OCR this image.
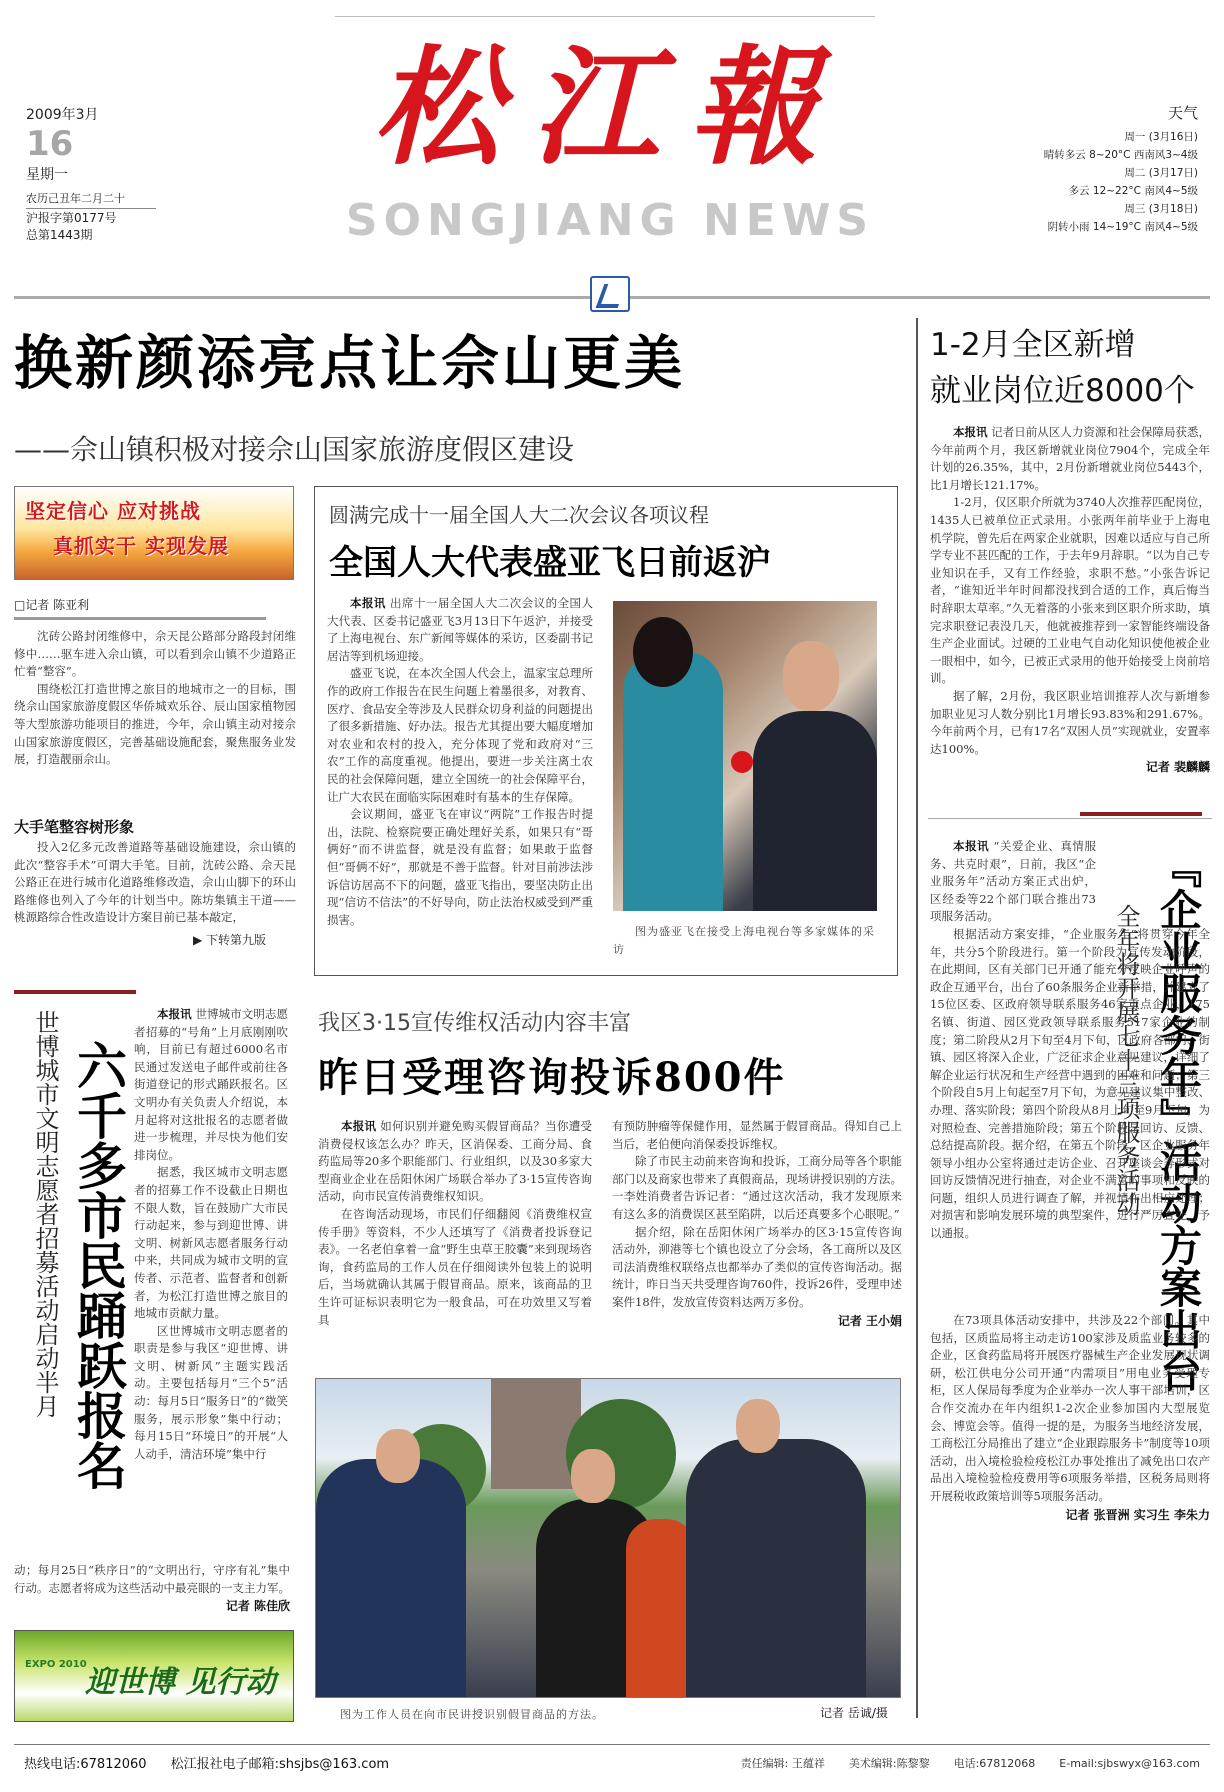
松江報
SONGJIANG NEWS
2009年3月
16
星期一
农历己丑年二月二十
沪报字第0177号
总第1443期
天气
周一 (3月16日)
晴转多云 8~20°C 西南风3~4级
周二 (3月17日)
多云 12~22°C 南风4~5级
周三 (3月18日)
阴转小雨 14~19°C 南风4~5级
换新颜添亮点让佘山更美
——佘山镇积极对接佘山国家旅游度假区建设
坚定信心 应对挑战
真抓实干 实现发展
□记者 陈亚利

沈砖公路封闭维修中，佘天昆公路部分路段封闭维修中……驱车进入佘山镇，可以看到佘山镇不少道路正忙着“整容”。

围绕松江打造世博之旅目的地城市之一的目标，围绕佘山国家旅游度假区华侨城欢乐谷、辰山国家植物园等大型旅游功能项目的推进，今年，佘山镇主动对接佘山国家旅游度假区，完善基础设施配套，聚焦服务业发展，打造靓丽佘山。

大手笔整容树形象

投入2亿多元改善道路等基础设施建设，佘山镇的此次“整容手术”可谓大手笔。目前，沈砖公路、佘天昆公路正在进行城市化道路维修改造，佘山山脚下的环山路维修也列入了今年的计划当中。陈坊集镇主干道——桃源路综合性改造设计方案目前已基本敲定，

▶ 下转第九版
圆满完成十一届全国人大二次会议各项议程
全国人大代表盛亚飞日前返沪

本报讯 出席十一届全国人大二次会议的全国人大代表、区委书记盛亚飞3月13日下午返沪，并接受了上海电视台、东广新闻等媒体的采访，区委副书记居洁等到机场迎接。

盛亚飞说，在本次全国人代会上，温家宝总理所作的政府工作报告在民生问题上着墨很多，对教育、医疗、食品安全等涉及人民群众切身利益的问题提出了很多新措施、好办法。报告尤其提出要大幅度增加对农业和农村的投入，充分体现了党和政府对“三农”工作的高度重视。他提出，要进一步关注离土农民的社会保障问题，建立全国统一的社会保障平台，让广大农民在面临实际困难时有基本的生存保障。

会议期间，盛亚飞在审议“两院”工作报告时提出，法院、检察院要正确处理好关系，如果只有“哥俩好”而不讲监督，就是没有监督；如果敢于监督但“哥俩不好”，那就是不善于监督。针对目前涉法涉诉信访居高不下的问题，盛亚飞指出，要坚决防止出现“信访不信法”的不好导向，防止法治权威受到严重损害。

图为盛亚飞在接受上海电视台等多家媒体的采访
1-2月全区新增
就业岗位近8000个

本报讯 记者日前从区人力资源和社会保障局获悉，今年前两个月，我区新增就业岗位7904个，完成全年计划的26.35%，其中，2月份新增就业岗位5443个，比1月增长121.17%。

1-2月，仅区职介所就为3740人次推荐匹配岗位，1435人已被单位正式录用。小张两年前毕业于上海电机学院，曾先后在两家企业就职，因难以适应与自己所学专业不甚匹配的工作，于去年9月辞职。“以为自己专业知识在手，又有工作经验，求职不愁。”小张告诉记者，“谁知近半年时间都没找到合适的工作，真后悔当时辞职太草率。”久无着落的小张来到区职介所求助，填完求职登记表没几天，他就被推荐到一家智能终端设备生产企业面试。过硬的工业电气自动化知识使他被企业一眼相中，如今，已被正式录用的他开始接受上岗前培训。

据了解，2月份，我区职业培训推荐人次与新增参加职业见习人数分别比1月增长93.83%和291.67%。今年前两个月，已有17名“双困人员”实现就业，安置率达100%。

记者 裴麟麟
『企业服务年』活动方案出台
全年将开展七十三项服务活动

本报讯 “关爱企业、真情服务、共克时艰”，日前，我区“企业服务年”活动方案正式出炉，区经委等22个部门联合推出73项服务活动。

根据活动方案安排，“企业服务年”将贯穿今年全年，共分5个阶段进行。第一个阶段为宣传发动阶段，在此期间，区有关部门已开通了能充分反映企业呼声的政企互通平台，出台了60条服务企业新举措，并建立了15位区委、区政府领导联系服务46家重点企业，175名镇、街道、园区党政领导联系服务517家企业的制度；第二阶段从2月下旬至4月下旬，区政府各部门、街镇、园区将深入企业，广泛征求企业意见建议，详细了解企业运行状况和生产经营中遇到的困难和问题；第三个阶段自5月上旬起至7月下旬，为意见建议集中整改、办理、落实阶段；第四个阶段从8月上旬至9月下旬，为对照检查、完善措施阶段；第五个阶段是回访、反馈、总结提高阶段。据介绍，在第五个阶段，区企业服务年领导小组办公室将通过走访企业、召开座谈会等形式对回访反馈情况进行抽查，对企业不满意的事项和反映的问题，组织人员进行调查了解，并视情作出相应处理；对损害和影响发展环境的典型案件，进行严厉查处，予以通报。

在73项具体活动安排中，共涉及22个部门。其中包括，区质监局将主动走访100家涉及质监业务较多的企业，区食药监局将开展医疗器械生产企业发展现状调研，松江供电分公司开通“内需项目”用电业务受理专柜，区人保局每季度为企业举办一次人事干部培训，区合作交流办在年内组织1-2次企业参加国内大型展览会、博览会等。值得一提的是，为服务当地经济发展，工商松江分局推出了建立“企业跟踪服务卡”制度等10项活动，出入境检验检疫松江办事处推出了减免出口农产品出入境检验检疫费用等6项服务举措，区税务局则将开展税收政策培训等5项服务活动。

记者 张晋洲 实习生 李朱力
我区3·15宣传维权活动内容丰富
昨日受理咨询投诉800件

本报讯 如何识别并避免购买假冒商品？当你遭受消费侵权该怎么办？昨天，区消保委、工商分局、食药监局等20多个职能部门、行业组织，以及30多家大型商业企业在岳阳休闲广场联合举办了3·15宣传咨询活动，向市民宣传消费维权知识。

在咨询活动现场，市民们仔细翻阅《消费维权宣传手册》等资料，不少人还填写了《消费者投诉登记表》。一名老伯拿着一盒“野生虫草王胶囊”来到现场咨询，食药监局的工作人员在仔细阅读外包装上的说明后，当场就确认其属于假冒商品。原来，该商品的卫生许可证标识表明它为一般食品，可在功效里又写着具

有预防肿瘤等保健作用，显然属于假冒商品。得知自己上当后，老伯便向消保委投诉维权。

除了市民主动前来咨询和投诉，工商分局等各个职能部门以及商家也带来了真假商品，现场讲授识别的方法。一李姓消费者告诉记者：“通过这次活动，我才发现原来有这么多的消费误区甚至陷阱，以后还真要多个心眼呢。”

据介绍，除在岳阳休闲广场举办的区3·15宣传咨询活动外，泖港等七个镇也设立了分会场，各工商所以及区司法消费维权联络点也都举办了类似的宣传咨询活动。据统计，昨日当天共受理咨询760件，投诉26件，受理申述案件18件，发放宣传资料达两万多份。

记者 王小娟
图为工作人员在向市民讲授识别假冒商品的方法。	记者 岳诚/摄
世博城市文明志愿者招募活动启动半月 六千多市民踊跃报名

本报讯 世博城市文明志愿者招募的“号角”上月底刚刚吹响，目前已有超过6000名市民通过发送电子邮件或前往各街道登记的形式踊跃报名。区文明办有关负责人介绍说，本月起将对这批报名的志愿者做进一步梳理，并尽快为他们安排岗位。

据悉，我区城市文明志愿者的招募工作不设截止日期也不限人数，旨在鼓励广大市民行动起来，参与到迎世博、讲文明、树新风志愿者服务行动中来，共同成为城市文明的宣传者、示范者、监督者和创新者，为松江打造世博之旅目的地城市贡献力量。

区世博城市文明志愿者的职责是参与我区“迎世博、讲文明、树新风”主题实践活动。主要包括每月“三个5”活动：每月5日“服务日”的“微笑服务，展示形象”集中行动；每月15日“环境日”的开展“人人动手，清洁环境”集中行

动；每月25日“秩序日”的“文明出行，守序有礼”集中行动。志愿者将成为这些活动中最亮眼的一支主力军。

记者 陈佳欣
EXPO 2010
迎世博 见行动
热线电话:67812060 松江报社电子邮箱:shsjbs@163.com	责任编辑: 王蕴祥 美术编辑:陈黎黎 电话:67812068 E-mail:sjbswyx@163.com
